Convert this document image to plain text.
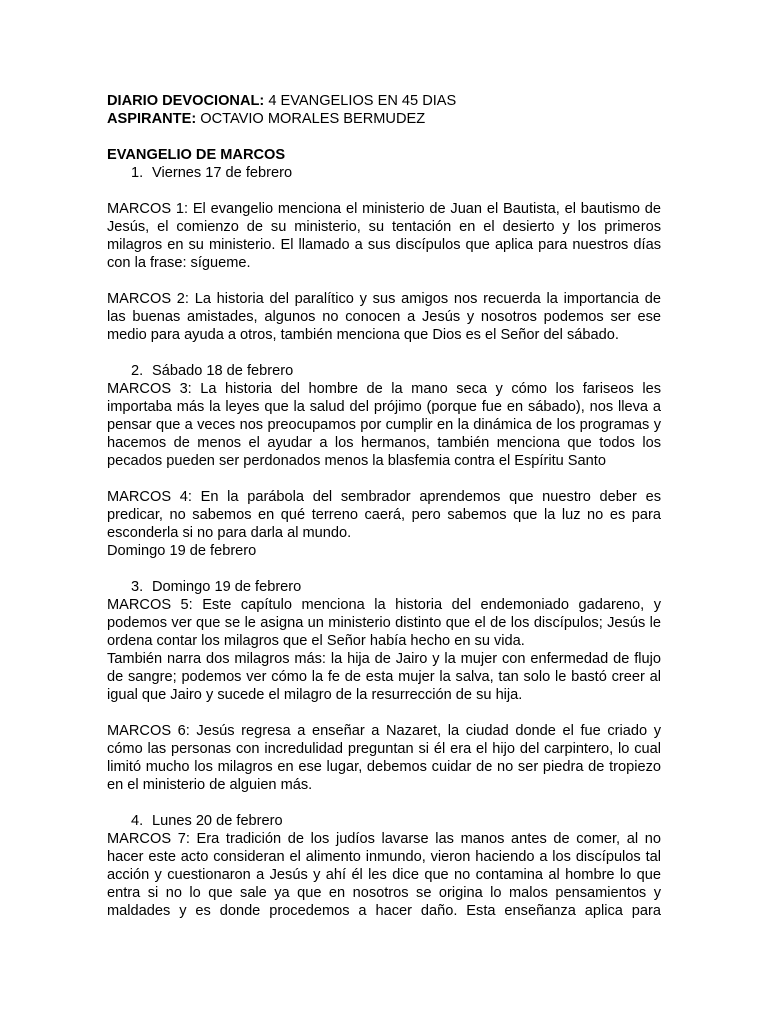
DIARIO DEVOCIONAL: 4 EVANGELIOS EN 45 DIAS
ASPIRANTE: OCTAVIO MORALES BERMUDEZ
EVANGELIO DE MARCOS
1. Viernes 17 de febrero

MARCOS 1: El evangelio menciona el ministerio de Juan el Bautista, el bautismo de Jesús, el comienzo de su ministerio, su tentación en el desierto y los primeros milagros en su ministerio. El llamado a sus discípulos que aplica para nuestros días con la frase: sígueme.

MARCOS 2: La historia del paralítico y sus amigos nos recuerda la importancia de las buenas amistades, algunos no conocen a Jesús y nosotros podemos ser ese medio para ayuda a otros, también menciona que Dios es el Señor del sábado.

2. Sábado 18 de febrero

MARCOS 3: La historia del hombre de la mano seca y cómo los fariseos les importaba más la leyes que la salud del prójimo (porque fue en sábado), nos lleva a pensar que a veces nos preocupamos por cumplir en la dinámica de los programas y hacemos de menos el ayudar a los hermanos, también menciona que todos los pecados pueden ser perdonados menos la blasfemia contra el Espíritu Santo

MARCOS 4: En la parábola del sembrador aprendemos que nuestro deber es predicar, no sabemos en qué terreno caerá, pero sabemos que la luz no es para esconderla si no para darla al mundo.

Domingo 19 de febrero
3. Domingo 19 de febrero

MARCOS 5: Este capítulo menciona la historia del endemoniado gadareno, y podemos ver que se le asigna un ministerio distinto que el de los discípulos; Jesús le ordena contar los milagros que el Señor había hecho en su vida.

También narra dos milagros más: la hija de Jairo y la mujer con enfermedad de flujo de sangre; podemos ver cómo la fe de esta mujer la salva, tan solo le bastó creer al igual que Jairo y sucede el milagro de la resurrección de su hija.

MARCOS 6: Jesús regresa a enseñar a Nazaret, la ciudad donde el fue criado y cómo las personas con incredulidad preguntan si él era el hijo del carpintero, lo cual limitó mucho los milagros en ese lugar, debemos cuidar de no ser piedra de tropiezo en el ministerio de alguien más.

4. Lunes 20 de febrero

MARCOS 7: Era tradición de los judíos lavarse las manos antes de comer, al no hacer este acto consideran el alimento inmundo, vieron haciendo a los discípulos tal acción y cuestionaron a Jesús y ahí él les dice que no contamina al hombre lo que entra si no lo que sale ya que en nosotros se origina lo malos pensamientos y maldades y es donde procedemos a hacer daño. Esta enseñanza aplica para
